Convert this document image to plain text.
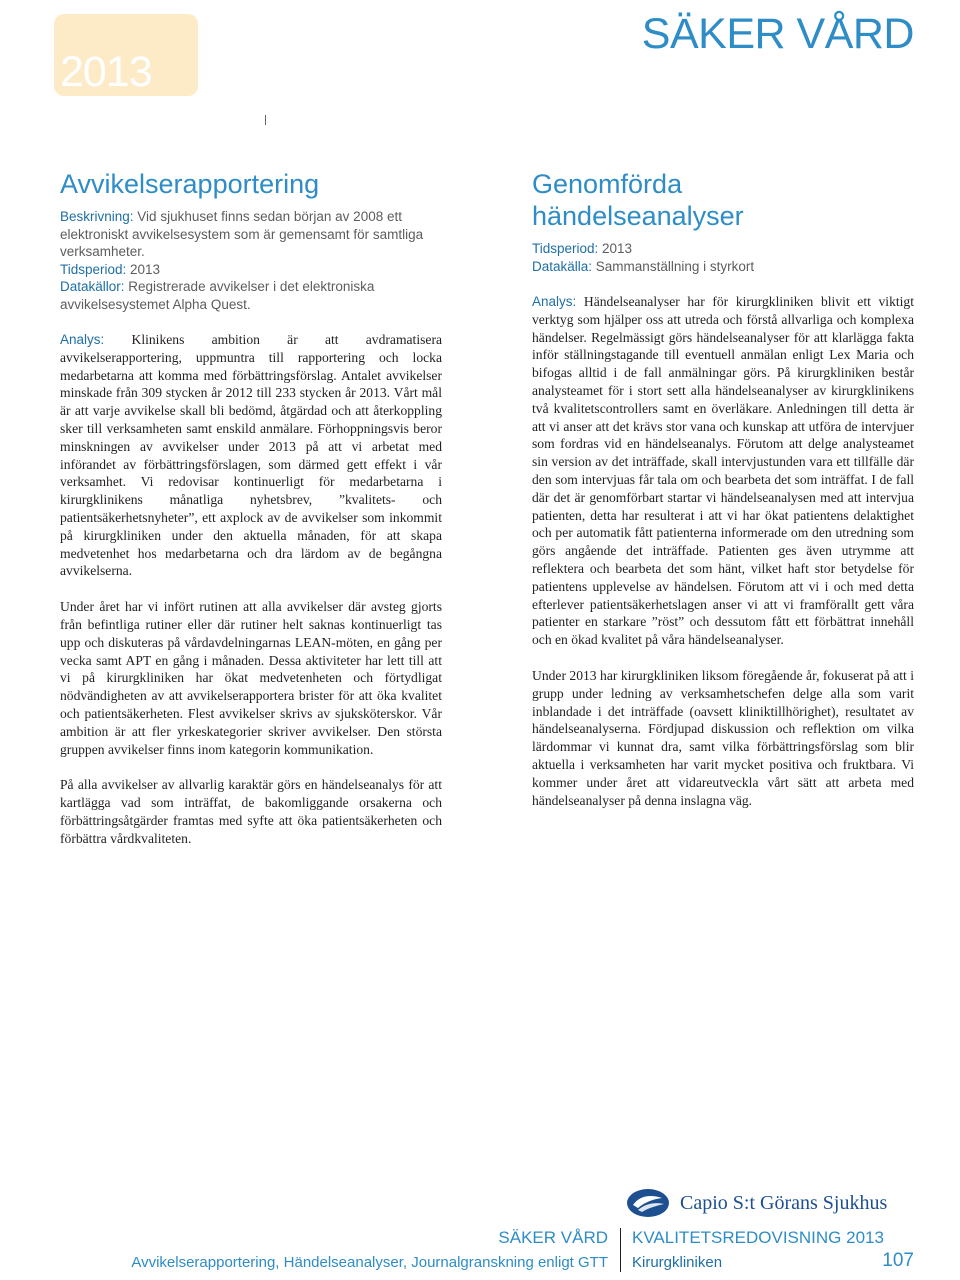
2013
SÄKER VÅRD
Avvikelserapportering

Beskrivning: Vid sjukhuset finns sedan början av 2008 ett elektroniskt avvikelsesystem som är gemensamt för samtliga verksamheter.

Tidsperiod: 2013

Datakällor: Registrerade avvikelser i det elektroniska avvikelsesystemet Alpha Quest.

Analys: Klinikens ambition är att avdramatisera avvikelserapportering, uppmuntra till rapportering och locka medarbetarna att komma med förbättringsförslag. Antalet avvikelser minskade från 309 stycken år 2012 till 233 stycken år 2013. Vårt mål är att varje avvikelse skall bli bedömd, åtgärdad och att återkoppling sker till verksamheten samt enskild anmälare. Förhoppningsvis beror minskningen av avvikelser under 2013 på att vi arbetat med införandet av förbättringsförslagen, som därmed gett effekt i vår verksamhet. Vi redovisar kontinuerligt för medarbetarna i kirurgklinikens månatliga nyhetsbrev, ”kvalitets- och patientsäkerhetsnyheter”, ett axplock av de avvikelser som inkommit på kirurgkliniken under den aktuella månaden, för att skapa medvetenhet hos medarbetarna och dra lärdom av de begångna avvikelserna.

Under året har vi infört rutinen att alla avvikelser där avsteg gjorts från befintliga rutiner eller där rutiner helt saknas kontinuerligt tas upp och diskuteras på vårdavdelningarnas LEAN-möten, en gång per vecka samt APT en gång i månaden. Dessa aktiviteter har lett till att vi på kirurgkliniken har ökat medvetenheten och förtydligat nödvändigheten av att avvikelserapportera brister för att öka kvalitet och patientsäkerheten. Flest avvikelser skrivs av sjuksköterskor. Vår ambition är att fler yrkeskategorier skriver avvikelser. Den största gruppen avvikelser finns inom kategorin kommunikation.

På alla avvikelser av allvarlig karaktär görs en händelseanalys för att kartlägga vad som inträffat, de bakomliggande orsakerna och förbättringsåtgärder framtas med syfte att öka patientsäkerheten och förbättra vårdkvaliteten.

Genomförda händelseanalyser

Tidsperiod: 2013

Datakälla: Sammanställning i styrkort

Analys: Händelseanalyser har för kirurgkliniken blivit ett viktigt verktyg som hjälper oss att utreda och förstå allvarliga och komplexa händelser. Regelmässigt görs händelseanalyser för att klarlägga fakta inför ställningstagande till eventuell anmälan enligt Lex Maria och bifogas alltid i de fall anmälningar görs. På kirurgkliniken består analysteamet för i stort sett alla händelseanalyser av kirurgklinikens två kvalitetscontrollers samt en överläkare. Anledningen till detta är att vi anser att det krävs stor vana och kunskap att utföra de intervjuer som fordras vid en händelseanalys. Förutom att delge analysteamet sin version av det inträffade, skall intervjustunden vara ett tillfälle där den som intervjuas får tala om och bearbeta det som inträffat. I de fall där det är genomförbart startar vi händelseanalysen med att intervjua patienten, detta har resulterat i att vi har ökat patientens delaktighet och per automatik fått patienterna informerade om den utredning som görs angående det inträffade. Patienten ges även utrymme att reflektera och bearbeta det som hänt, vilket haft stor betydelse för patientens upplevelse av händelsen. Förutom att vi i och med detta efterlever patientsäkerhetslagen anser vi att vi framförallt gett våra patienter en starkare ”röst” och dessutom fått ett förbättrat innehåll och en ökad kvalitet på våra händelseanalyser.

Under 2013 har kirurgkliniken liksom föregående år, fokuserat på att i grupp under ledning av verksamhetschefen delge alla som varit inblandade i det inträffade (oavsett kliniktillhörighet), resultatet av händelseanalyserna. Fördjupad diskussion och reflektion om vilka lärdommar vi kunnat dra, samt vilka förbättringsförslag som blir aktuella i verksamheten har varit mycket positiva och fruktbara. Vi kommer under året att vidareutveckla vårt sätt att arbeta med händelseanalyser på denna inslagna väg.

Capio S:t Görans Sjukhus
SÄKER VÅRD
Avvikelserapportering, Händelseanalyser, Journalgranskning enligt GTT
KVALITETSREDOVISNING 2013
Kirurgkliniken	107
